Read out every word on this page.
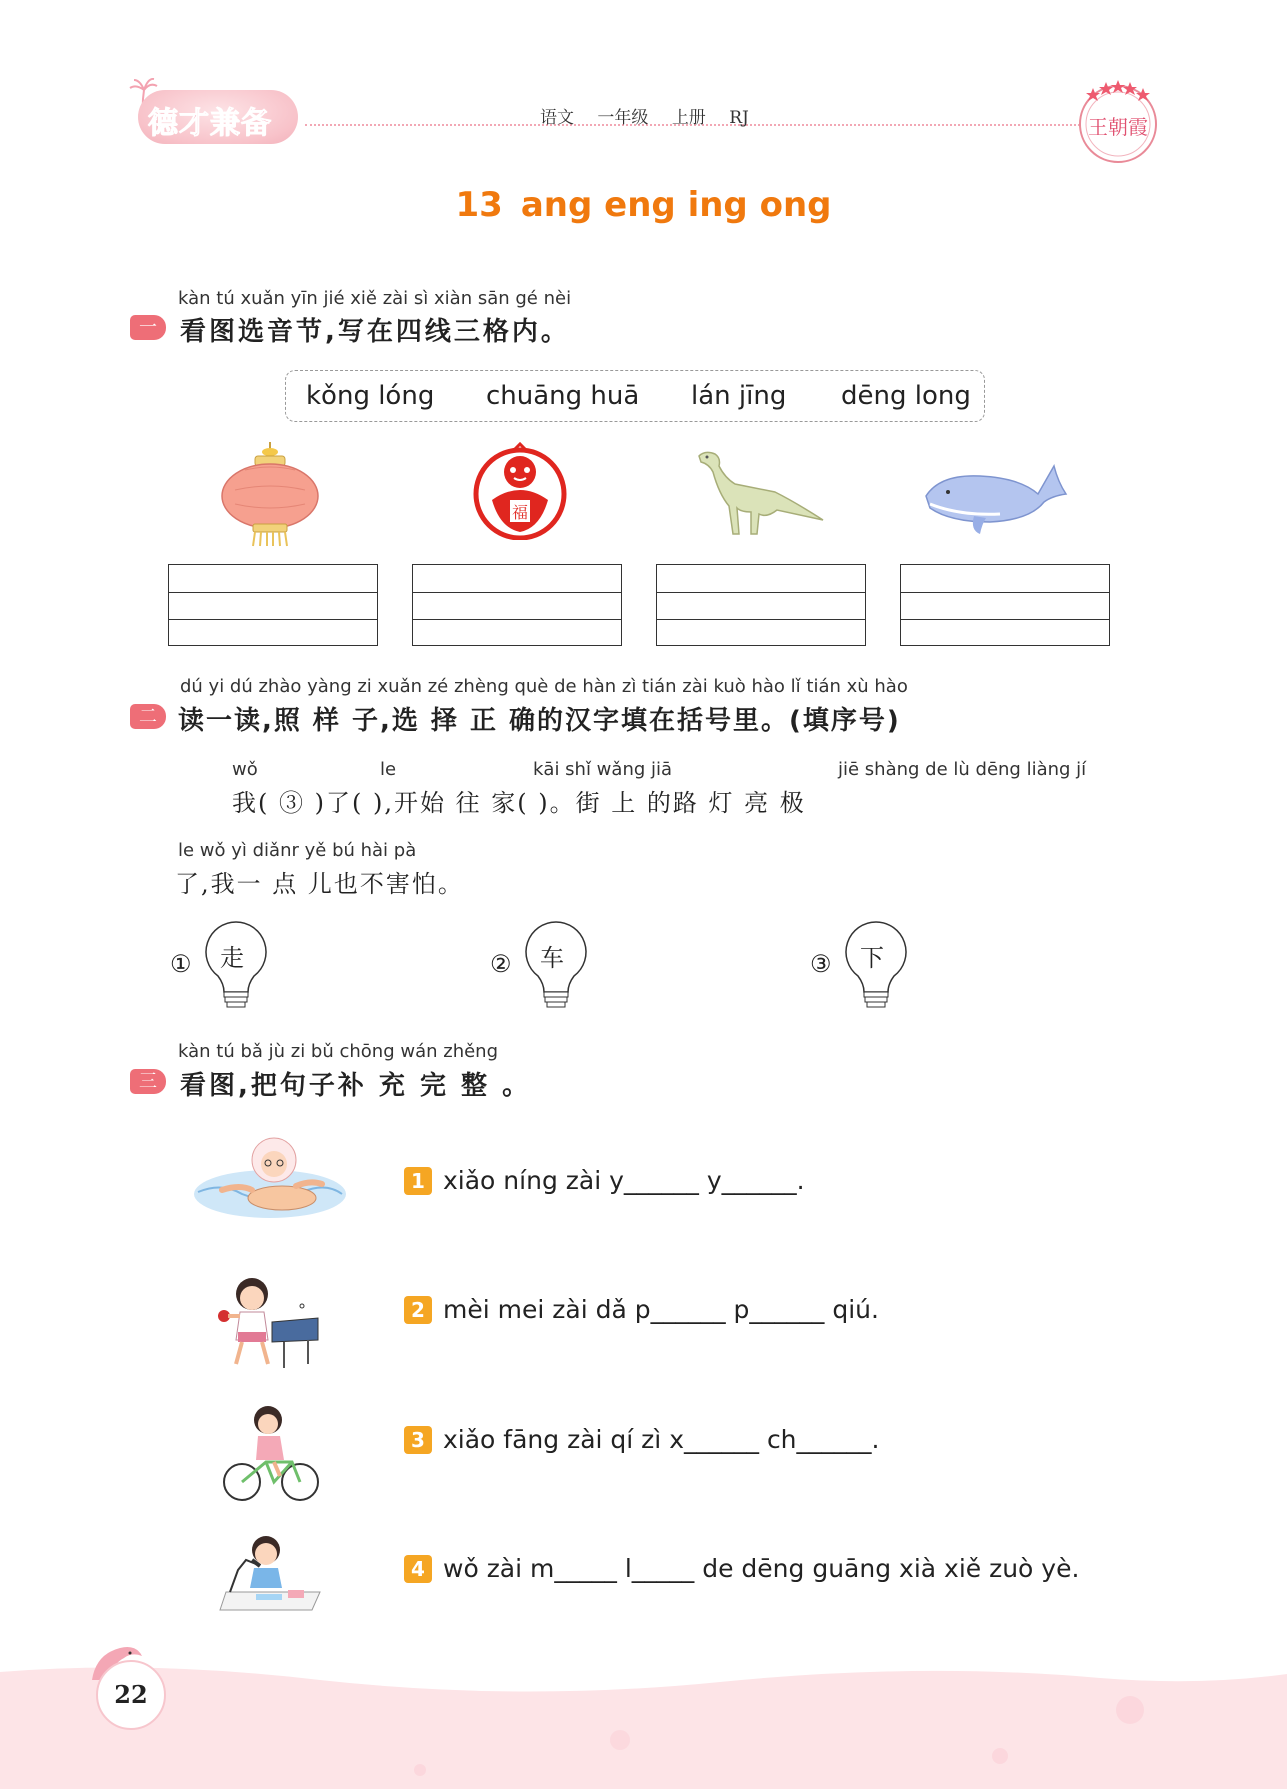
德才兼备	语文 一年级 上册 RJ	王朝霞
13 ang eng ing ong
kàn tú xuǎn yīn jié xiě zài sì xiàn sān gé nèi
一 看图选音节,写在四线三格内。
kǒng lóng chuāng huā lán jīng dēng long
福
dú yi dú zhào yàng zi xuǎn zé zhèng què de hàn zì tián zài kuò hào lǐ tián xù hào
二 读一读,照 样 子,选 择 正 确的汉字填在括号里。(填序号)
wǒ	le	kāi shǐ wǎng jiā	jiē shàng de lù dēng liàng jí
我( ③ )了( ),开始 往 家( )。街 上 的路 灯 亮 极
le wǒ yì diǎnr yě bú hài pà
了,我一 点 儿也不害怕。
① 走	② 车	③ 下
kàn tú bǎ jù zi bǔ chōng wán zhěng
三 看图,把句子补 充 完 整 。
1 xiǎo níng zài y______ y______.
2 mèi mei zài dǎ p______ p______ qiú.
3 xiǎo fāng zài qí zì x______ ch______.
4 wǒ zài m_____ l_____ de dēng guāng xià xiě zuò yè.
22
